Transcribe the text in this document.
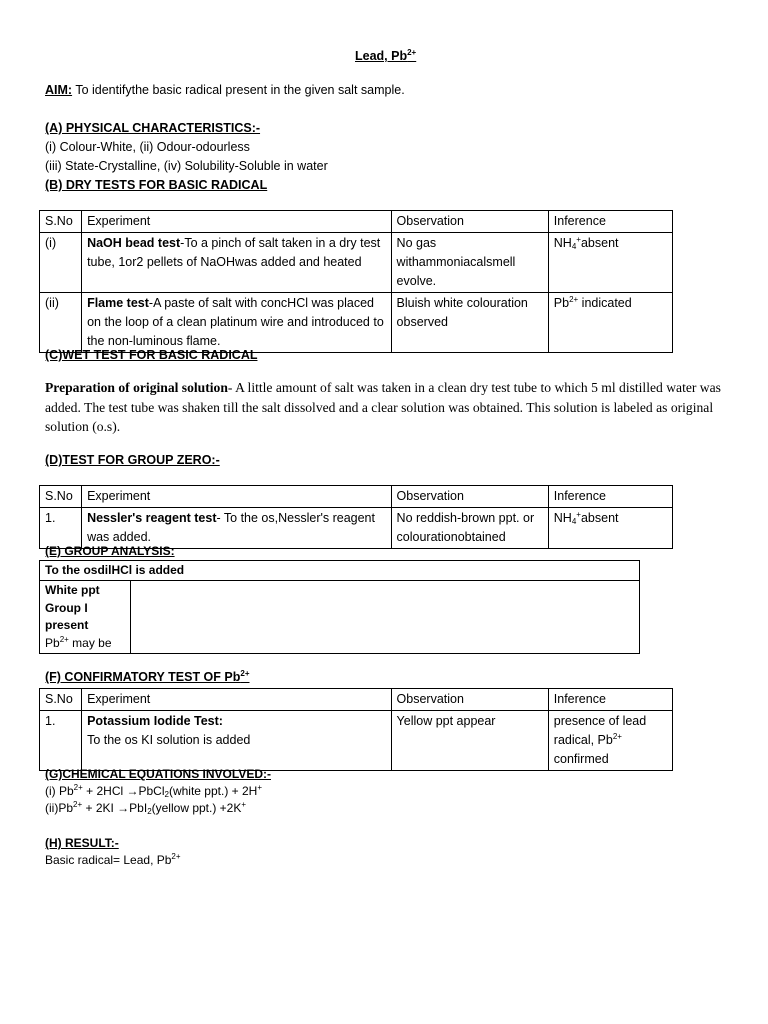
Lead, $Pb^{2+}$
AIM: To identifythe basic radical present in the given salt sample.
(A) PHYSICAL CHARACTERISTICS:-
(i) Colour-White, (ii) Odour-odourless
(iii) State-Crystalline, (iv) Solubility-Soluble in water
(B) DRY TESTS FOR BASIC RADICAL
S.No	Experiment	Observation	Inference
(i)	NaOH bead test-To a pinch of salt taken in a dry test tube, 1or2 pellets of NaOHwas added and heated	No gas withammoniacalsmell evolve.	$NH_4^+absent$
(ii)	Flame test-A paste of salt with concHCl was placed on the loop of a clean platinum wire and introduced to the non-luminous flame.	Bluish white colouration observed	$Pb^{2+}$ indicated
(C)WET TEST FOR BASIC RADICAL
Preparation of original solution- A little amount of salt was taken in a clean dry test tube to which 5 ml distilled water was added. The test tube was shaken till the salt dissolved and a clear solution was obtained. This solution is labeled as original solution (o.s).
(D)TEST FOR GROUP ZERO:-
S.No	Experiment	Observation	Inference
1.	Nessler's reagent test- To the os,Nessler's reagent was added.	No reddish-brown ppt. or colourationobtained	$NH_4^+absent$
(E) GROUP ANALYSIS:
To the osdilHCl is added

White ppt
Group I
present
$Pb^{2+}$ may be

(F) CONFIRMATORY TEST OF $Pb^{2+}$
S.No	Experiment	Observation	Inference
1.	Potassium Iodide Test:
To the os KI solution is added	Yellow ppt appear	presence of lead radical, $Pb^{2+}$ confirmed
(G)CHEMICAL EQUATIONS INVOLVED:-
(i) $Pb^{2+} + 2HCl$ →PbCl$_2$(white ppt.) + 2H+
$(ii)Pb^{2+} + 2KI$ →PbI$_2$(yellow ppt.) +2K+
(H) RESULT:-
Basic radical= Lead, $Pb^{2+}$
